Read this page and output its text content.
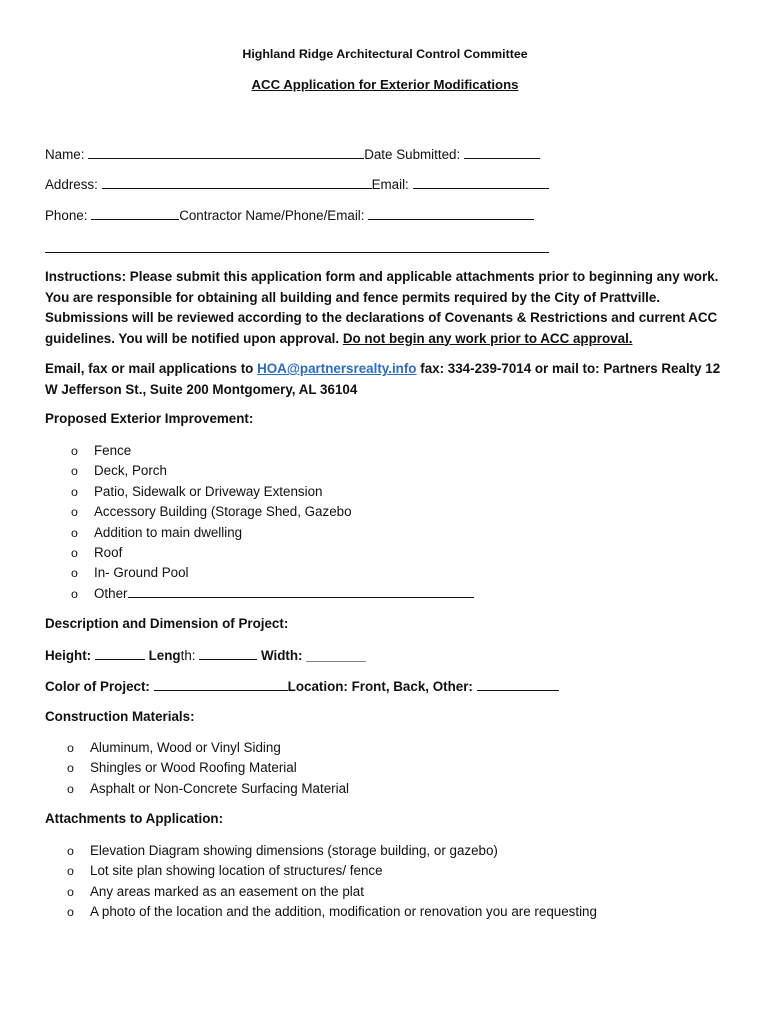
Highland Ridge Architectural Control Committee
ACC Application for Exterior Modifications
Name:	Date Submitted:
Address:	Email:
Phone:	Contractor Name/Phone/Email:
Instructions: Please submit this application form and applicable attachments prior to beginning any work. You are responsible for obtaining all building and fence permits required by the City of Prattville. Submissions will be reviewed according to the declarations of Covenants & Restrictions and current ACC guidelines. You will be notified upon approval. Do not begin any work prior to ACC approval.
Email, fax or mail applications to HOA@partnersrealty.info fax: 334-239-7014 or mail to: Partners Realty 12 W Jefferson St., Suite 200 Montgomery, AL 36104
Proposed Exterior Improvement:
o Fence
o Deck, Porch
o Patio, Sidewalk or Driveway Extension
o Accessory Building (Storage Shed, Gazebo
o Addition to main dwelling
o Roof
o In- Ground Pool
o Other
Description and Dimension of Project:
Height:	Length:	Width: ________
Color of Project:	Location: Front, Back, Other:
Construction Materials:
o Aluminum, Wood or Vinyl Siding
o Shingles or Wood Roofing Material
o Asphalt or Non-Concrete Surfacing Material
Attachments to Application:
o Elevation Diagram showing dimensions (storage building, or gazebo)
o Lot site plan showing location of structures/ fence
o Any areas marked as an easement on the plat
o A photo of the location and the addition, modification or renovation you are requesting
